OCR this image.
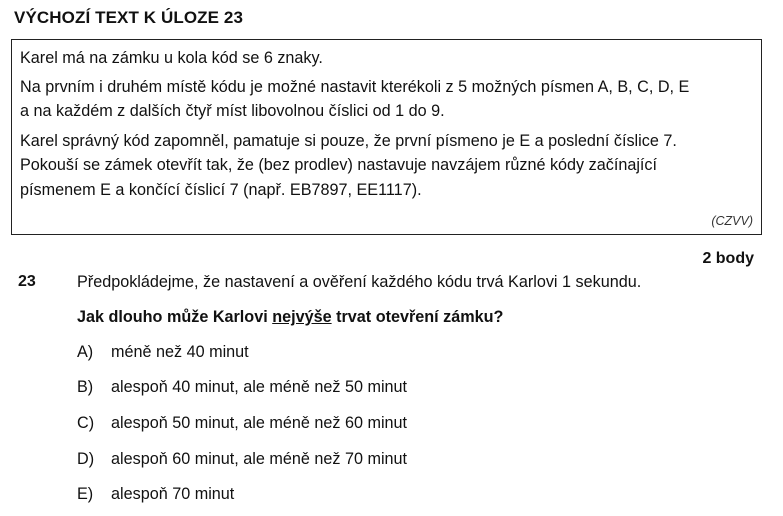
VÝCHOZÍ TEXT K ÚLOZE 23
Karel má na zámku u kola kód se 6 znaky.
Na prvním i druhém místě kódu je možné nastavit kterékoli z 5 možných písmen A, B, C, D, E
a na každém z dalších čtyř míst libovolnou číslici od 1 do 9.
Karel správný kód zapomněl, pamatuje si pouze, že první písmeno je E a poslední číslice 7.
Pokouší se zámek otevřít tak, že (bez prodlev) nastavuje navzájem různé kódy začínající
písmenem E a končící číslicí 7 (např. EB7897, EE1117).
(CZVV)
2 body
23	Předpokládejme, že nastavení a ověření každého kódu trvá Karlovi 1 sekundu.
Jak dlouho může Karlovi nejvýše trvat otevření zámku?
A) méně než 40 minut
B) alespoň 40 minut, ale méně než 50 minut
C) alespoň 50 minut, ale méně než 60 minut
D) alespoň 60 minut, ale méně než 70 minut
E) alespoň 70 minut
